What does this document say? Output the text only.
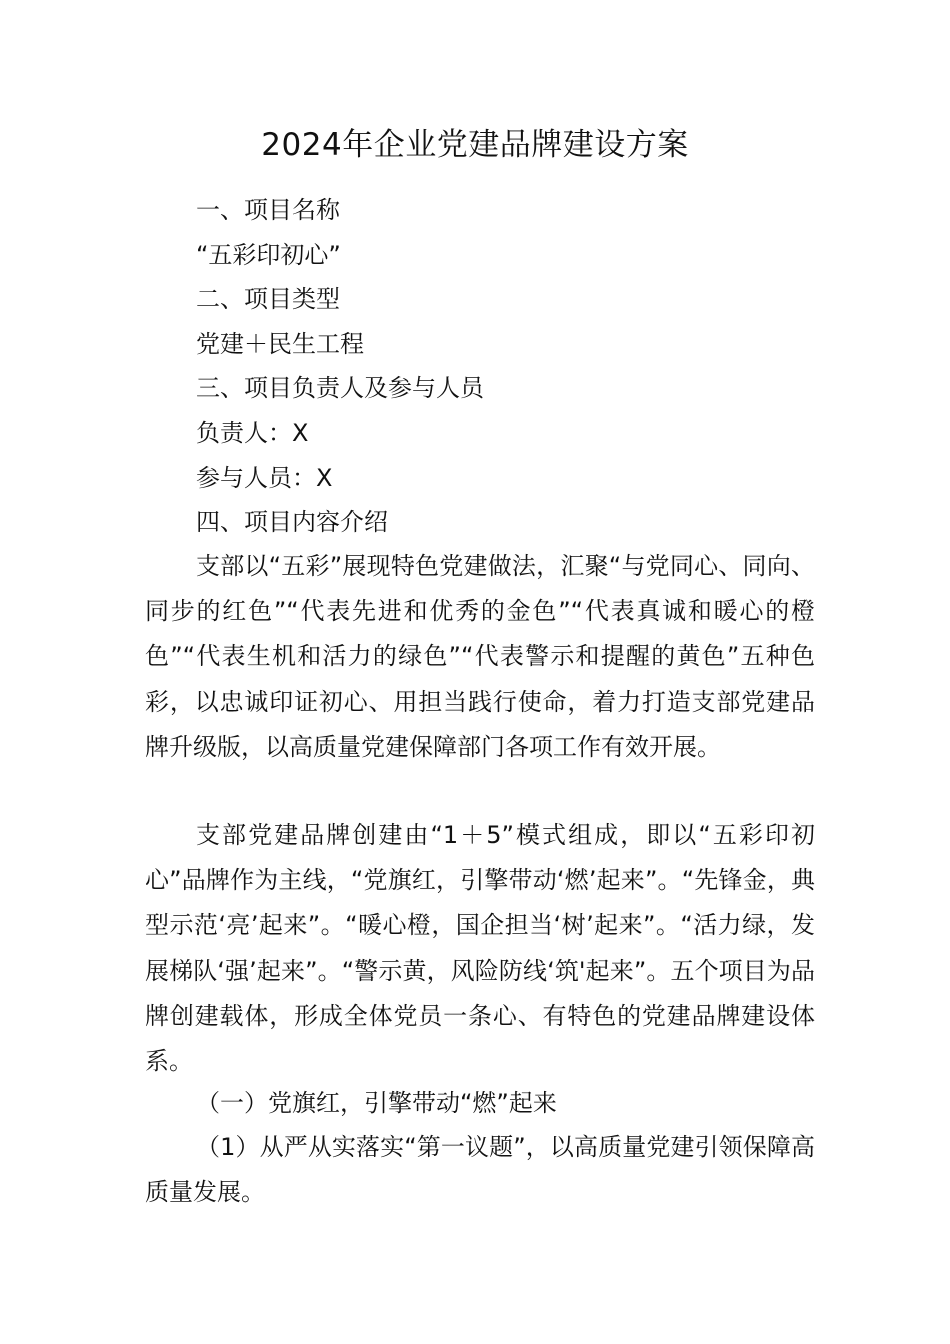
2024年企业党建品牌建设方案
一、项目名称
“五彩印初心”
二、项目类型
党建＋民生工程
三、项目负责人及参与人员
负责人：X
参与人员：X
四、项目内容介绍

支部以“五彩”展现特色党建做法，汇聚“与党同心、同向、同步的红色”“代表先进和优秀的金色”“代表真诚和暖心的橙色”“代表生机和活力的绿色”“代表警示和提醒的黄色”五种色彩，以忠诚印证初心、用担当践行使命，着力打造支部党建品牌升级版，以高质量党建保障部门各项工作有效开展。

支部党建品牌创建由“1＋5”模式组成，即以“五彩印初心”品牌作为主线，“党旗红，引擎带动‘燃’起来”。“先锋金，典型示范‘亮’起来”。“暖心橙，国企担当‘树’起来”。“活力绿，发展梯队‘强’起来”。“警示黄，风险防线‘筑'起来”。五个项目为品牌创建载体，形成全体党员一条心、有特色的党建品牌建设体系。

（一）党旗红，引擎带动“燃”起来

（1）从严从实落实“第一议题”，以高质量党建引领保障高质量发展。
